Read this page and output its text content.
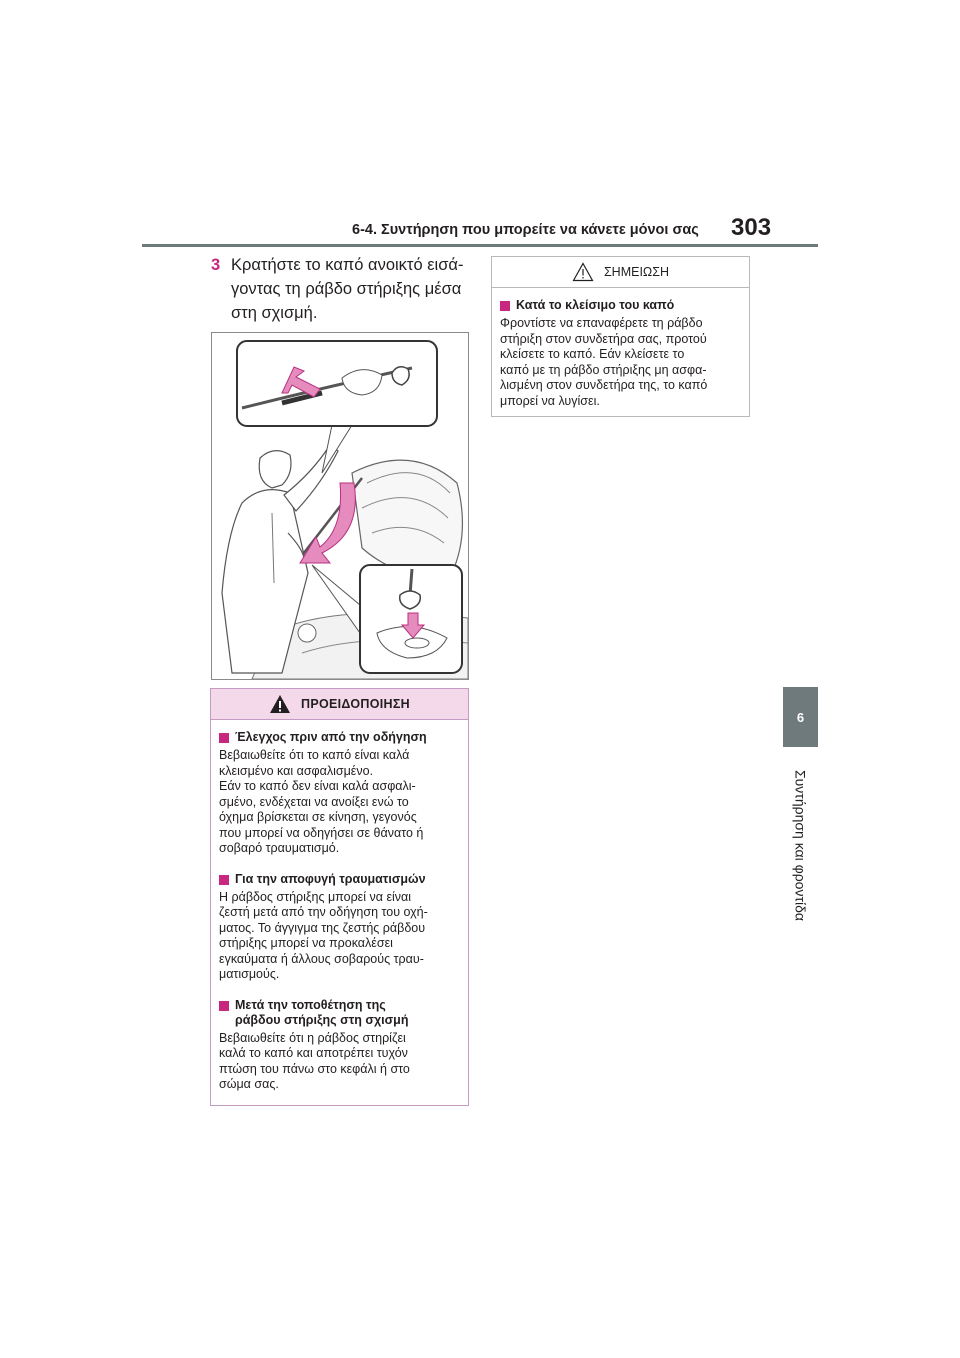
6-4. Συντήρηση που μπορείτε να κάνετε μόνοι σας 303
6
Συντήρηση και φροντίδα
3 Κρατήστε το καπό ανοικτό εισά-
γοντας τη ράβδο στήριξης μέσα
στη σχισμή.
ΠΡΟΕΙΔΟΠΟΙΗΣΗ
Έλεγχος πριν από την οδήγηση
Βεβαιωθείτε ότι το καπό είναι καλά
κλεισμένο και ασφαλισμένο.
Εάν το καπό δεν είναι καλά ασφαλι-
σμένο, ενδέχεται να ανοίξει ενώ το
όχημα βρίσκεται σε κίνηση, γεγονός
που μπορεί να οδηγήσει σε θάνατο ή
σοβαρό τραυματισμό.
Για την αποφυγή τραυματισμών
Η ράβδος στήριξης μπορεί να είναι
ζεστή μετά από την οδήγηση του οχή-
ματος. Το άγγιγμα της ζεστής ράβδου
στήριξης μπορεί να προκαλέσει
εγκαύματα ή άλλους σοβαρούς τραυ-
ματισμούς.
Μετά την τοποθέτηση της
ράβδου στήριξης στη σχισμή
Βεβαιωθείτε ότι η ράβδος στηρίζει
καλά το καπό και αποτρέπει τυχόν
πτώση του πάνω στο κεφάλι ή στο
σώμα σας.
ΣΗΜΕΙΩΣΗ
Κατά το κλείσιμο του καπό
Φροντίστε να επαναφέρετε τη ράβδο
στήριξη στον συνδετήρα σας, προτού
κλείσετε το καπό. Εάν κλείσετε το
καπό με τη ράβδο στήριξης μη ασφα-
λισμένη στον συνδετήρα της, το καπό
μπορεί να λυγίσει.
